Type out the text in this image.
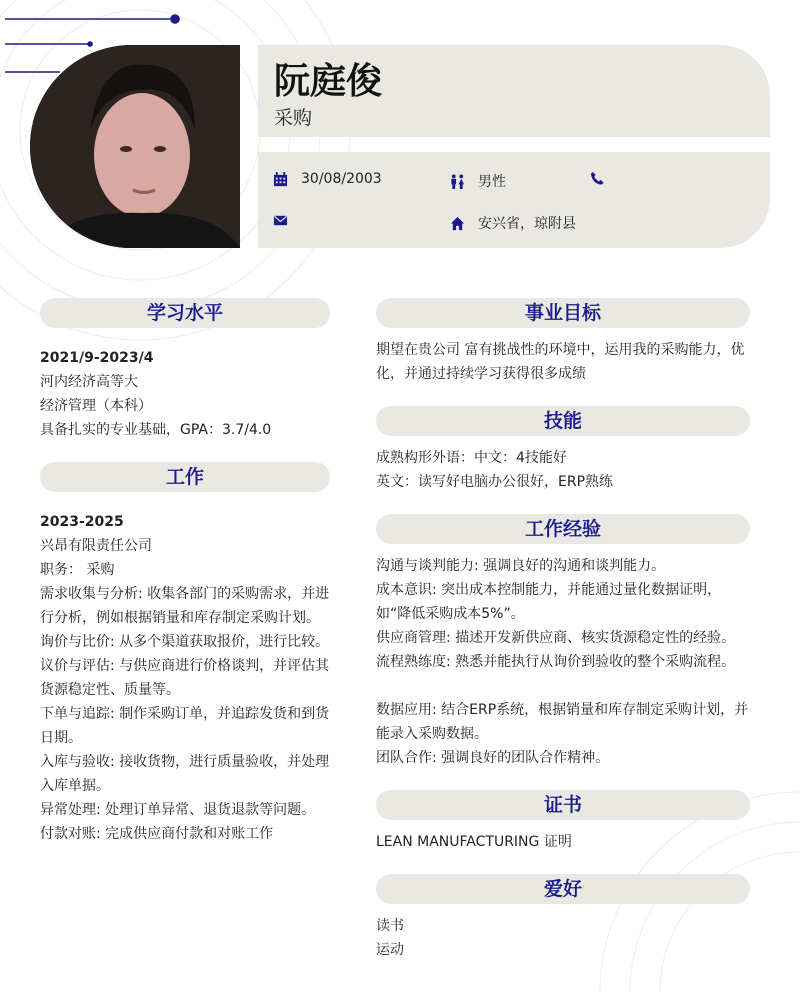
阮庭俊
采购
30/08/2003	男性
安兴省，琼附县
学习水平
2021/9-2023/4
河内经济高等大
经济管理（本科）
具备扎实的专业基础，GPA：3.7/4.0
工作
2023-2025
兴昂有限责任公司
职务： 采购
需求收集与分析: 收集各部门的采购需求，并进
行分析，例如根据销量和库存制定采购计划。
询价与比价: 从多个渠道获取报价，进行比较。
议价与评估: 与供应商进行价格谈判，并评估其
货源稳定性、质量等。
下单与追踪: 制作采购订单，并追踪发货和到货
日期。
入库与验收: 接收货物，进行质量验收，并处理
入库单据。
异常处理: 处理订单异常、退货退款等问题。
付款对账: 完成供应商付款和对账工作
事业目标
期望在贵公司 富有挑战性的环境中，运用我的采购能力，优
化，并通过持续学习获得很多成绩
技能
成熟构形外语：中文：4技能好
英文：读写好电脑办公很好，ERP熟练
工作经验
沟通与谈判能力: 强调良好的沟通和谈判能力。
成本意识: 突出成本控制能力，并能通过量化数据证明，
如“降低采购成本5%”。
供应商管理: 描述开发新供应商、核实货源稳定性的经验。
流程熟练度: 熟悉并能执行从询价到验收的整个采购流程。

数据应用: 结合ERP系统，根据销量和库存制定采购计划，并
能录入采购数据。
团队合作: 强调良好的团队合作精神。
证书
LEAN MANUFACTURING 证明
爱好
读书
运动
